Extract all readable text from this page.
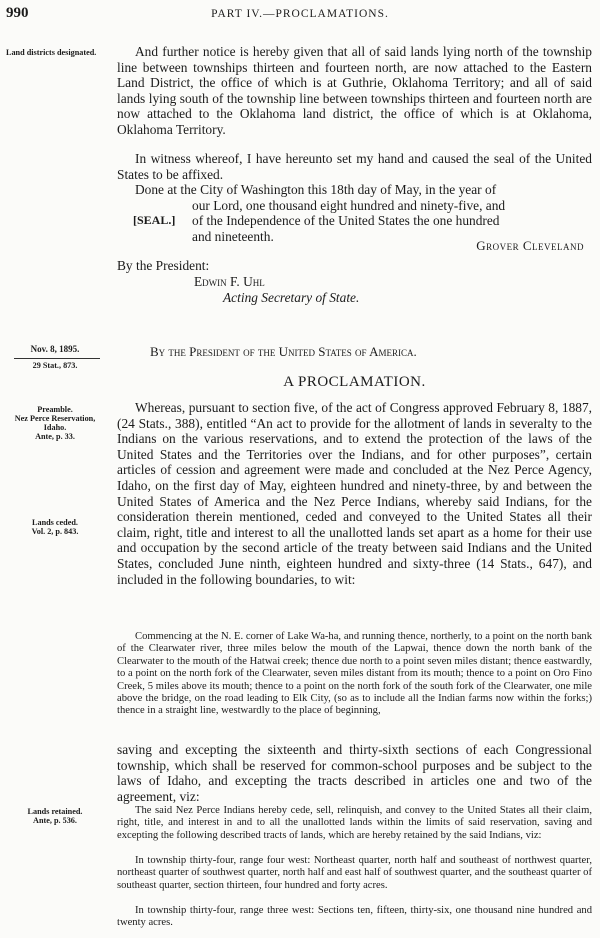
990	PART IV.—PROCLAMATIONS.
Land districts designated.
Nov. 8, 1895.
29 Stat., 873.
Preamble.
Nez Perce Reservation, Idaho.
Ante, p. 33.
Lands ceded.
Vol. 2, p. 843.
Lands retained.
Ante, p. 536.
And further notice is hereby given that all of said lands lying north of the township line between townships thirteen and fourteen north, are now attached to the Eastern Land District, the office of which is at Guthrie, Oklahoma Territory; and all of said lands lying south of the township line between townships thirteen and fourteen north are now attached to the Oklahoma land district, the office of which is at Oklahoma, Oklahoma Territory.
In witness whereof, I have hereunto set my hand and caused the seal of the United States to be affixed.
Done at the City of Washington this 18th day of May, in the year of
our Lord, one thousand eight hundred and ninety-five, and
[SEAL.] of the Independence of the United States the one hundred
and nineteenth.
Grover Cleveland
By the President:
Edwin F. Uhl
Acting Secretary of State.
By the President of the United States of America.
A PROCLAMATION.
Whereas, pursuant to section five, of the act of Congress approved February 8, 1887, (24 Stats., 388), entitled “An act to provide for the allotment of lands in severalty to the Indians on the various reservations, and to extend the protection of the laws of the United States and the Territories over the Indians, and for other purposes”, certain articles of cession and agreement were made and concluded at the Nez Perce Agency, Idaho, on the first day of May, eighteen hundred and ninety-three, by and between the United States of America and the Nez Perce Indians, whereby said Indians, for the consideration therein mentioned, ceded and conveyed to the United States all their claim, right, title and interest to all the unallotted lands set apart as a home for their use and occupation by the second article of the treaty between said Indians and the United States, concluded June ninth, eighteen hundred and sixty-three (14 Stats., 647), and included in the following boundaries, to wit:
Commencing at the N. E. corner of Lake Wa-ha, and running thence, northerly, to a point on the north bank of the Clearwater river, three miles below the mouth of the Lapwai, thence down the north bank of the Clearwater to the mouth of the Hatwai creek; thence due north to a point seven miles distant; thence eastwardly, to a point on the north fork of the Clearwater, seven miles distant from its mouth; thence to a point on Oro Fino Creek, 5 miles above its mouth; thence to a point on the north fork of the south fork of the Clearwater, one mile above the bridge, on the road leading to Elk City, (so as to include all the Indian farms now within the forks;) thence in a straight line, westwardly to the place of beginning,
saving and excepting the sixteenth and thirty-sixth sections of each Congressional township, which shall be reserved for common-school purposes and be subject to the laws of Idaho, and excepting the tracts described in articles one and two of the agreement, viz:
The said Nez Perce Indians hereby cede, sell, relinquish, and convey to the United States all their claim, right, title, and interest in and to all the unallotted lands within the limits of said reservation, saving and excepting the following described tracts of lands, which are hereby retained by the said Indians, viz:
In township thirty-four, range four west: Northeast quarter, north half and southeast of northwest quarter, northeast quarter of southwest quarter, north half and east half of southwest quarter, and the southeast quarter of southeast quarter, section thirteen, four hundred and forty acres.
In township thirty-four, range three west: Sections ten, fifteen, thirty-six, one thousand nine hundred and twenty acres.
